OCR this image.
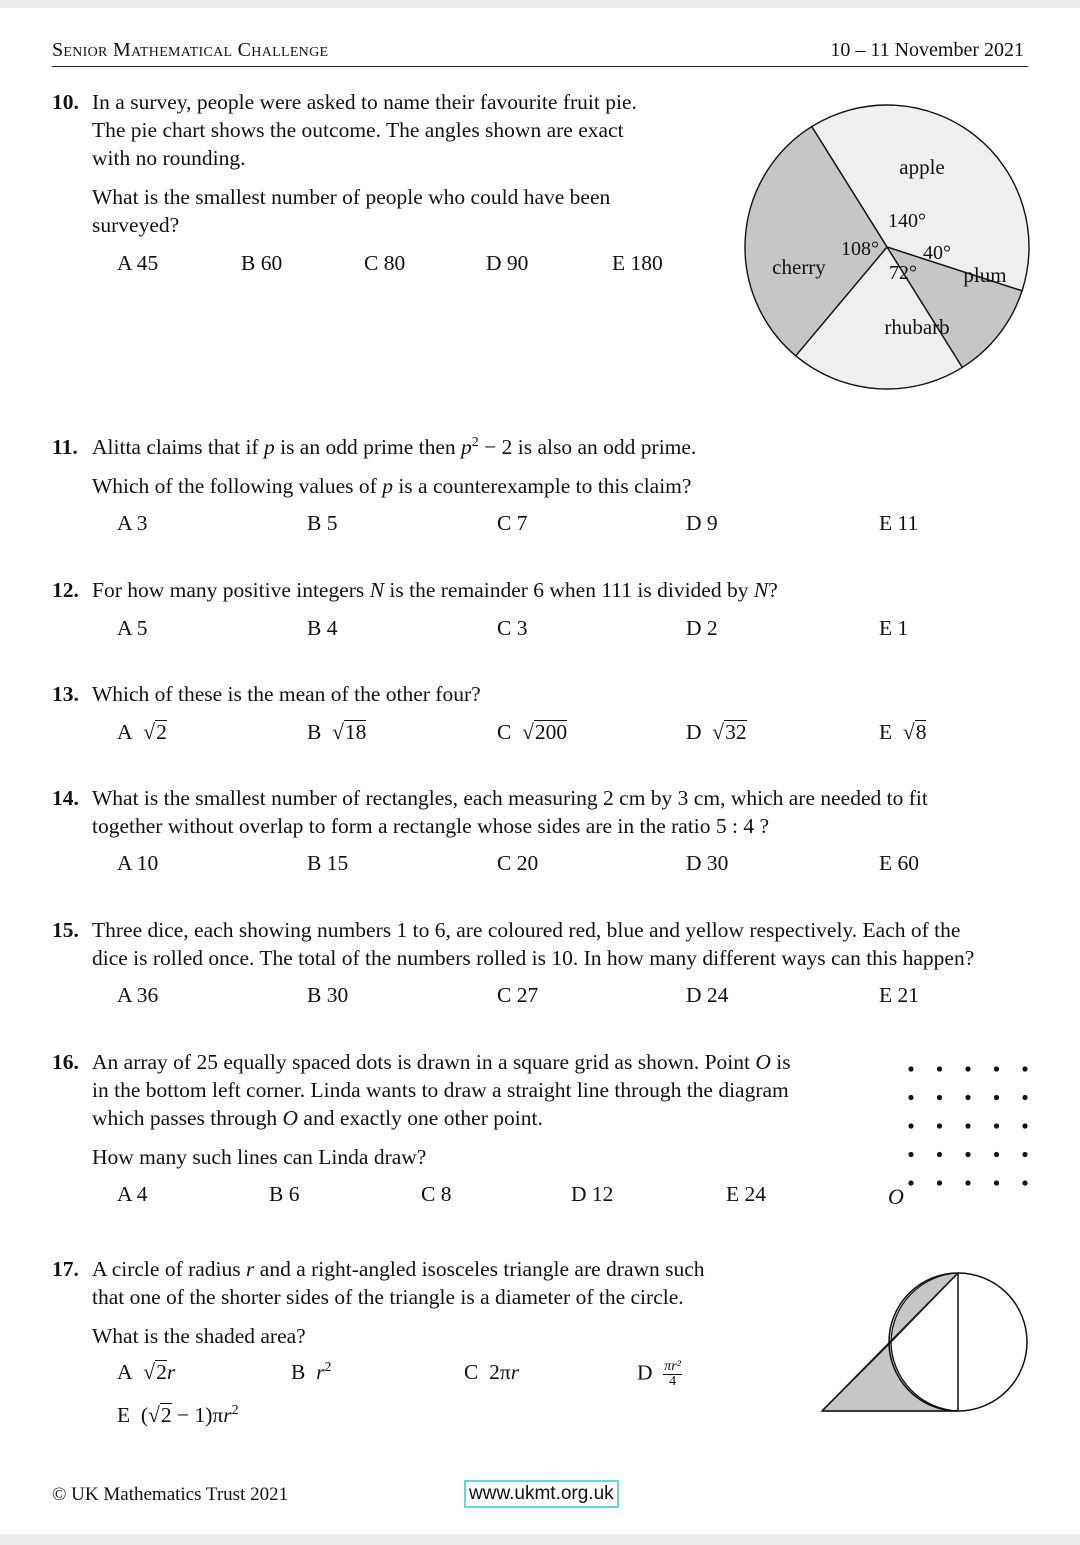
Senior Mathematical Challenge	10 – 11 November 2021
10. In a survey, people were asked to name their favourite fruit pie.
The pie chart shows the outcome. The angles shown are exact
with no rounding.
What is the smallest number of people who could have been
surveyed?
A 45	B 60	C 80	D 90	E 180
apple
140°
plum
40°
rhubarb
72°
cherry
108°
11. Alitta claims that if p is an odd prime then $p^2 - 2$ is also an odd prime.
Which of the following values of p is a counterexample to this claim?
A 3	B 5	C 7	D 9	E 11
12. For how many positive integers N is the remainder 6 when 111 is divided by N?
A 5	B 4	C 3	D 2	E 1
13. Which of these is the mean of the other four?
A √2	B √18	C √200	D √32	E √8
14. What is the smallest number of rectangles, each measuring 2 cm by 3 cm, which are needed to fit
together without overlap to form a rectangle whose sides are in the ratio 5 : 4 ?
A 10	B 15	C 20	D 30	E 60
15. Three dice, each showing numbers 1 to 6, are coloured red, blue and yellow respectively. Each of the
dice is rolled once. The total of the numbers rolled is 10. In how many different ways can this happen?
A 36	B 30	C 27	D 24	E 21
16. An array of 25 equally spaced dots is drawn in a square grid as shown. Point O is
in the bottom left corner. Linda wants to draw a straight line through the diagram
which passes through O and exactly one other point.
How many such lines can Linda draw?
A 4	B 6	C 8	D 12	E 24	O
17. A circle of radius r and a right-angled isosceles triangle are drawn such
that one of the shorter sides of the triangle is a diameter of the circle.
What is the shaded area?
A √2r	B $r^2$	C 2πr	D $\frac{\text{πr²}}{4}$
E $(√2 - 1)\pi r^2$
© UK Mathematics Trust 2021	www.ukmt.org.uk
